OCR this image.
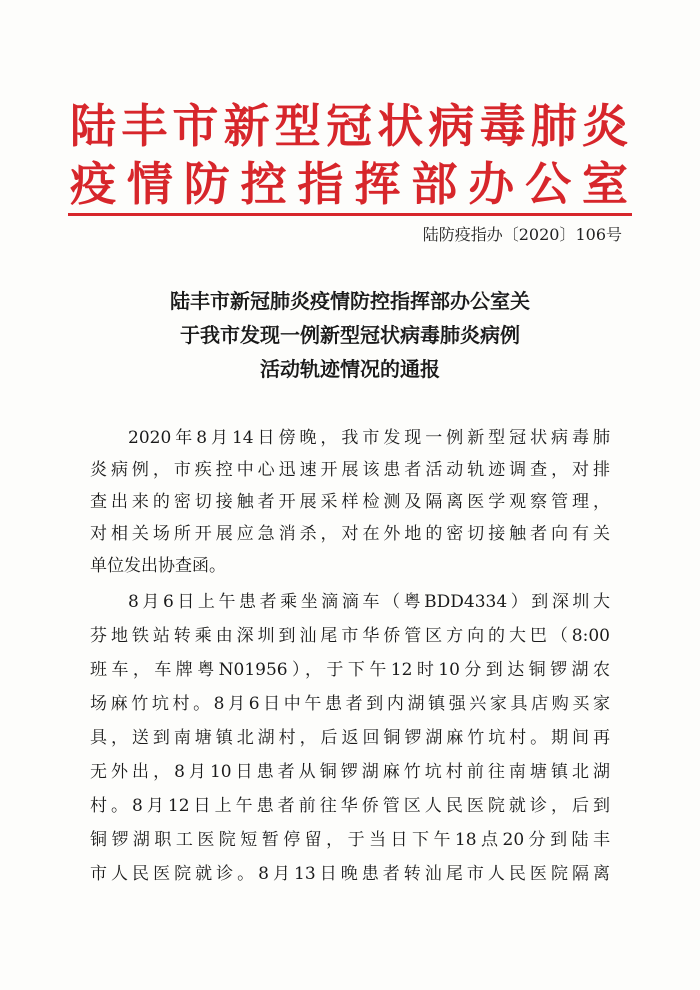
陆丰市新型冠状病毒肺炎
疫情防控指挥部办公室
陆防疫指办〔2020〕106号
陆丰市新冠肺炎疫情防控指挥部办公室关
于我市发现一例新型冠状病毒肺炎病例
活动轨迹情况的通报
2020年8月14日傍晚，我市发现一例新型冠状病毒肺
炎病例，市疾控中心迅速开展该患者活动轨迹调查，对排
查出来的密切接触者开展采样检测及隔离医学观察管理，
对相关场所开展应急消杀，对在外地的密切接触者向有关
单位发出协查函。
8月6日上午患者乘坐滴滴车（粤BDD4334）到深圳大
芬地铁站转乘由深圳到汕尾市华侨管区方向的大巴（8:00
班车，车牌粤N01956），于下午12时10分到达铜锣湖农
场麻竹坑村。8月6日中午患者到内湖镇强兴家具店购买家
具，送到南塘镇北湖村，后返回铜锣湖麻竹坑村。期间再
无外出，8月10日患者从铜锣湖麻竹坑村前往南塘镇北湖
村。8月12日上午患者前往华侨管区人民医院就诊，后到
铜锣湖职工医院短暂停留，于当日下午18点20分到陆丰
市人民医院就诊。8月13日晚患者转汕尾市人民医院隔离
